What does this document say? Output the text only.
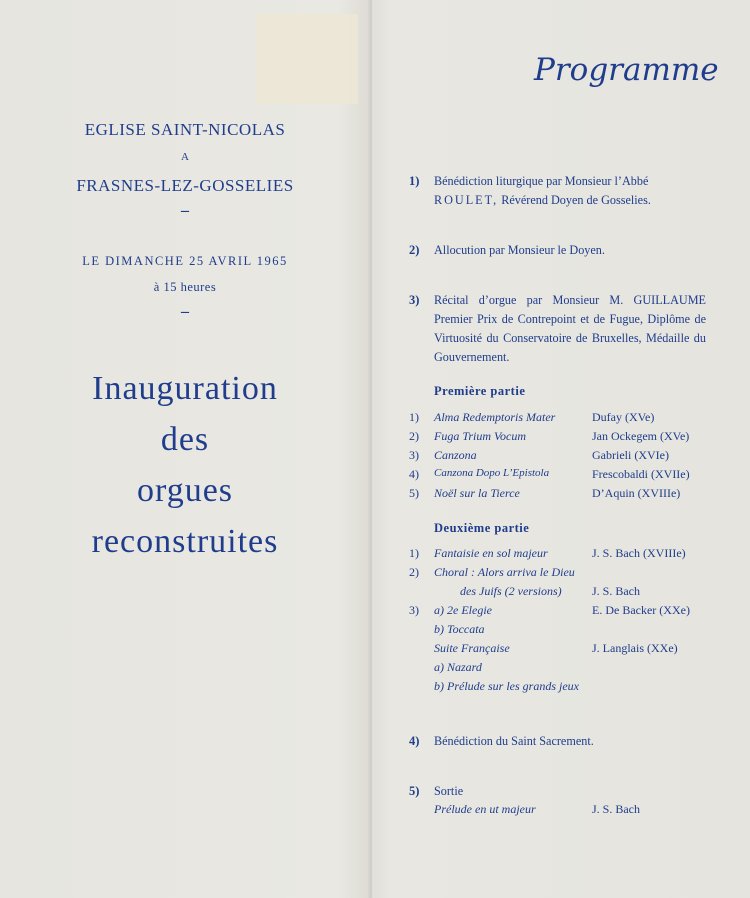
EGLISE SAINT-NICOLAS
A
FRASNES-LEZ-GOSSELIES
–
LE DIMANCHE 25 AVRIL 1965
à 15 heures
–
Inauguration
des
orgues
reconstruites
Programme
1)	Bénédiction liturgique par Monsieur l’Abbé
ROULET, Révérend Doyen de Gosselies.
2)	Allocution par Monsieur le Doyen.
3)	Récital d’orgue par Monsieur M. GUILLAUME Premier Prix de Contrepoint et de Fugue, Diplôme de Virtuosité du Conservatoire de Bruxelles, Médaille du Gouvernement.
Première partie
1)	Alma Redemptoris Mater	Dufay (XVe)
2)	Fuga Trium Vocum	Jan Ockegem (XVe)
3)	Canzona	Gabrieli (XVIe)
4)	Canzona Dopo L’Epistola	Frescobaldi (XVIIe)
5)	Noël sur la Tierce	D’Aquin (XVIIIe)
Deuxième partie
1)	Fantaisie en sol majeur	J. S. Bach (XVIIIe)
2)	Choral : Alors arriva le Dieu
des Juifs (2 versions)	J. S. Bach
3)	a) 2e Elegie	E. De Backer (XXe)
b) Toccata
Suite Française	J. Langlais (XXe)
a) Nazard
b) Prélude sur les grands jeux
4)	Bénédiction du Saint Sacrement.
5)	Sortie
Prélude en ut majeur	J. S. Bach
